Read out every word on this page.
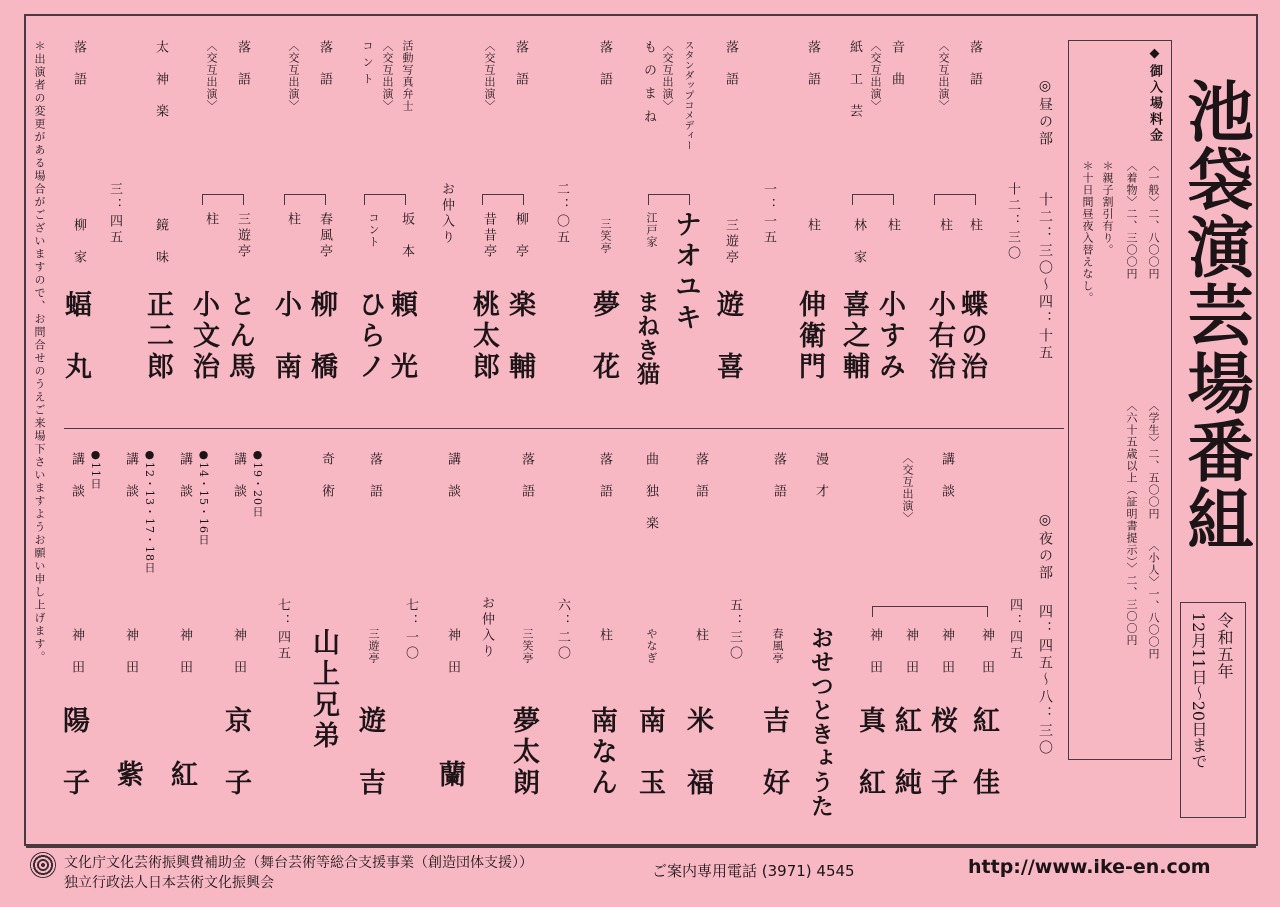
池袋演芸場番組
◆御入場料金
〈一般〉二、八〇〇円
〈学生〉二、五〇〇円
〈小人〉一、八〇〇円
〈着物〉二、三〇〇円
〈六十五歳以上（証明書提示）〉二、三〇〇円
＊親子割引有り。
＊十日間昼夜入替えなし。
令和五年
12月11日〜20日まで
◎昼の部
十二：三〇〜四：十五
十二：三〇
一：一五
二：〇五
三：四五
落　語
〈交互出演〉
柱
蝶の治
柱
小右治
音　曲
〈交互出演〉
柱
小すみ
紙　工　芸
林　家
喜之輔
落　語
柱
伸衛門
落　語
三遊亭
遊　喜
スタンダップコメディー
〈交互出演〉
ナオユキ
も の ま ね
江戸家
まねき猫
落　語
三笑亭
夢　花
落　語
〈交互出演〉
柳　亭
楽　輔
昔昔亭
桃太郎
お仲入り
活動写真弁士
〈交互出演〉
坂　本
頼　光
コ ン ト
コント
ひらノ
落　語
〈交互出演〉
春風亭
柳　橋
柱
小　南
落　語
〈交互出演〉
三遊亭
とん馬
柱
小文治
太　神　楽
鏡　味
正二郎
落　語
柳　家
蝠　丸
＊出演者の変更がある場合がございますので、お問合せのうえご来場下さいますようお願い申し上げます。	◎夜の部
四：四五〜八：三〇
四：四五
五：三〇
六：二〇
七：一〇
七：四五
講　談
〈交互出演〉
神　田
紅　佳
神　田
桜　子
神　田
紅　純
神　田
真　紅
漫　才
おせつときょうた
落　語
春風亭
吉　好
落　語
柱
米　福
曲　独　楽
やなぎ
南　玉
落　語
柱
南なん
落　語
三笑亭
夢太朗
お仲入り
講　談
神　田
蘭
落　語
三遊亭
遊　吉
奇　術
山上兄弟
講　談 ●19・20日
神　田
京　子
講　談 ●14・15・16日
神　田
紅
講　談 ●12・13・17・18日
神　田
紫
講　談 ●11日
神　田
陽　子
文化庁文化芸術振興費補助金（舞台芸術等総合支援事業（創造団体支援））
独立行政法人日本芸術文化振興会
ご案内専用電話 (3971) 4545	http://www.ike-en.com
